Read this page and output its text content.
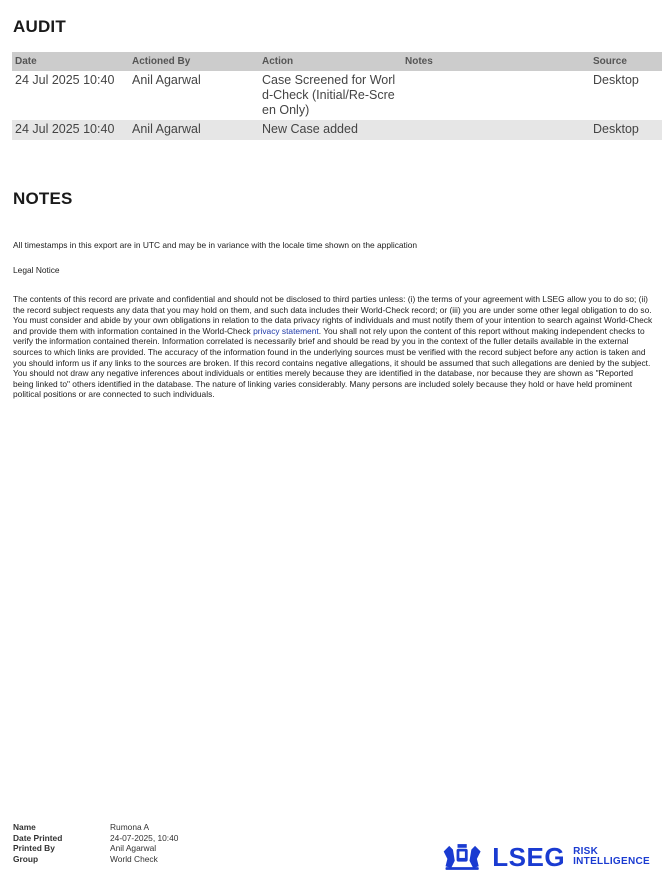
AUDIT
Date	Actioned By	Action	Notes	Source
24 Jul 2025 10:40	Anil Agarwal	Case Screened for World-Check (Initial/Re-Screen Only)		Desktop
24 Jul 2025 10:40	Anil Agarwal	New Case added		Desktop
NOTES
All timestamps in this export are in UTC and may be in variance with the locale time shown on the application
Legal Notice
The contents of this record are private and confidential and should not be disclosed to third parties unless: (i) the terms of your agreement with LSEG allow you to do so; (ii) the record subject requests any data that you may hold on them, and such data includes their World-Check record; or (iii) you are under some other legal obligation to do so. You must consider and abide by your own obligations in relation to the data privacy rights of individuals and must notify them of your intention to search against World-Check and provide them with information contained in the World-Check privacy statement. You shall not rely upon the content of this report without making independent checks to verify the information contained therein. Information correlated is necessarily brief and should be read by you in the context of the fuller details available in the external sources to which links are provided. The accuracy of the information found in the underlying sources must be verified with the record subject before any action is taken and you should inform us if any links to the sources are broken. If this record contains negative allegations, it should be assumed that such allegations are denied by the subject. You should not draw any negative inferences about individuals or entities merely because they are identified in the database, nor because they are shown as "Reported being linked to" others identified in the database. The nature of linking varies considerably. Many persons are included solely because they hold or have held prominent political positions or are connected to such individuals.
Name	Rumona A
Date Printed	24-07-2025, 10:40
Printed By	Anil Agarwal
Group	World Check	LSEG RISK
INTELLIGENCE
